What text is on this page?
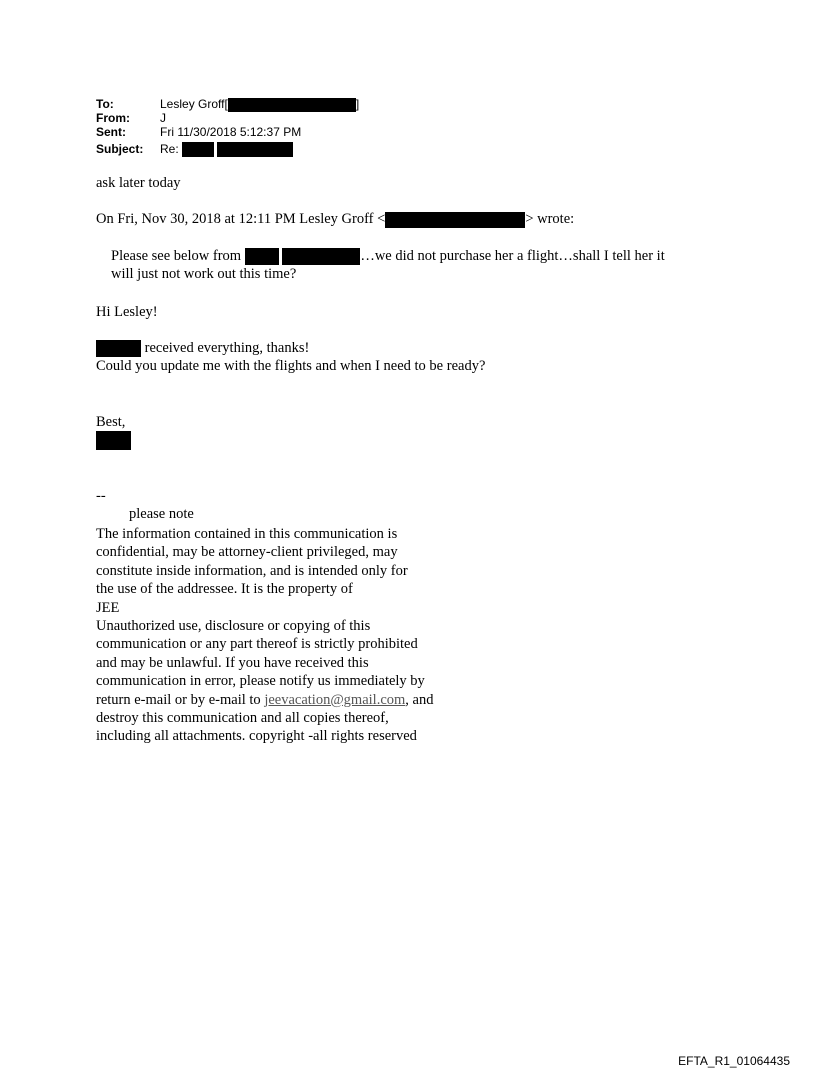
To:	Lesley Groff[	]
From:	J
Sent:	Fri 11/30/2018 5:12:37 PM
Subject: Re:
ask later today
On Fri, Nov 30, 2018 at 12:11 PM Lesley Groff <	> wrote:
Please see below from	…we did not purchase her a flight…shall I tell her it
will just not work out this time?
Hi Lesley!
received everything, thanks!
Could you update me with the flights and when I need to be ready?
Best,
--
please note
The information contained in this communication is
confidential, may be attorney-client privileged, may
constitute inside information, and is intended only for
the use of the addressee. It is the property of
JEE
Unauthorized use, disclosure or copying of this
communication or any part thereof is strictly prohibited
and may be unlawful. If you have received this
communication in error, please notify us immediately by
return e-mail or by e-mail to jeevacation@gmail.com, and
destroy this communication and all copies thereof,
including all attachments. copyright -all rights reserved
EFTA_R1_01064435
